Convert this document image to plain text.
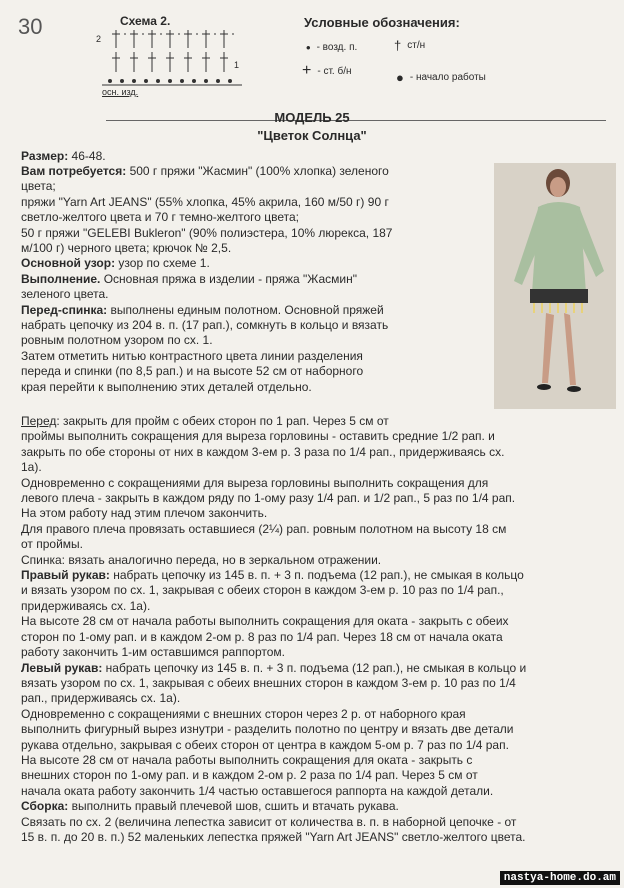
30	Схема 2.
2
1
осн. изд.
Условные обозначения:
• - возд. п.	† ст/н
+ - ст. б/н	● - начало работы
МОДЕЛЬ 25
"Цветок Солнца"

Размер: 46-48.

Вам потребуется: 500 г пряжи "Жасмин" (100% хлопка) зеленого

цвета;

пряжи "Yarn Art JEANS" (55% хлопка, 45% акрила, 160 м/50 г) 90 г

светло-желтого цвета и 70 г темно-желтого цвета;

50 г пряжи "GELEBI Bukleron" (90% полиэстера, 10% люрекса, 187

м/100 г) черного цвета; крючок № 2,5.

Основной узор: узор по схеме 1.

Выполнение. Основная пряжа в изделии - пряжа "Жасмин"

зеленого цвета.

Перед-спинка: выполнены единым полотном. Основной пряжей

набрать цепочку из 204 в. п. (17 рап.), сомкнуть в кольцо и вязать

ровным полотном узором по сх. 1.

Затем отметить нитью контрастного цвета линии разделения

переда и спинки (по 8,5 рап.) и на высоте 52 см от наборного

края перейти к выполнению этих деталей отдельно.

Перед: закрыть для пройм с обеих сторон по 1 рап. Через 5 см от

проймы выполнить сокращения для выреза горловины - оставить средние 1/2 рап. и

закрыть по обе стороны от них в каждом 3-ем р. 3 раза по 1/4 рап., придерживаясь сх.

1а).

Одновременно с сокращениями для выреза горловины выполнить сокращения для

левого плеча - закрыть в каждом ряду по 1-ому разу 1/4 рап. и 1/2 рап., 5 раз по 1/4 рап.

На этом работу над этим плечом закончить.

Для правого плеча провязать оставшиеся (2¼) рап. ровным полотном на высоту 18 см

от проймы.

Спинка: вязать аналогично переда, но в зеркальном отражении.

Правый рукав: набрать цепочку из 145 в. п. + 3 п. подъема (12 рап.), не смыкая в кольцо

и вязать узором по сх. 1, закрывая с обеих сторон в каждом 3-ем р. 10 раз по 1/4 рап.,

придерживаясь сх. 1а).

На высоте 28 см от начала работы выполнить сокращения для оката - закрыть с обеих

сторон по 1-ому рап. и в каждом 2-ом р. 8 раз по 1/4 рап. Через 18 см от начала оката

работу закончить 1-им оставшимся раппортом.

Левый рукав: набрать цепочку из 145 в. п. + 3 п. подъема (12 рап.), не смыкая в кольцо и

вязать узором по сх. 1, закрывая с обеих внешних сторон в каждом 3-ем р. 10 раз по 1/4

рап., придерживаясь сх. 1а).

Одновременно с сокращениями с внешних сторон через 2 р. от наборного края

выполнить фигурный вырез изнутри - разделить полотно по центру и вязать две детали

рукава отдельно, закрывая с обеих сторон от центра в каждом 5-ом р. 7 раз по 1/4 рап.

На высоте 28 см от начала работы выполнить сокращения для оката - закрыть с

внешних сторон по 1-ому рап. и в каждом 2-ом р. 2 раза по 1/4 рап. Через 5 см от

начала оката работу закончить 1/4 частью оставшегося раппорта на каждой детали.

Сборка: выполнить правый плечевой шов, сшить и втачать рукава.

Связать по сх. 2 (величина лепестка зависит от количества в. п. в наборной цепочке - от

15 в. п. до 20 в. п.) 52 маленьких лепестка пряжей "Yarn Art JEANS" светло-желтого цвета.

nastya-home.do.am
